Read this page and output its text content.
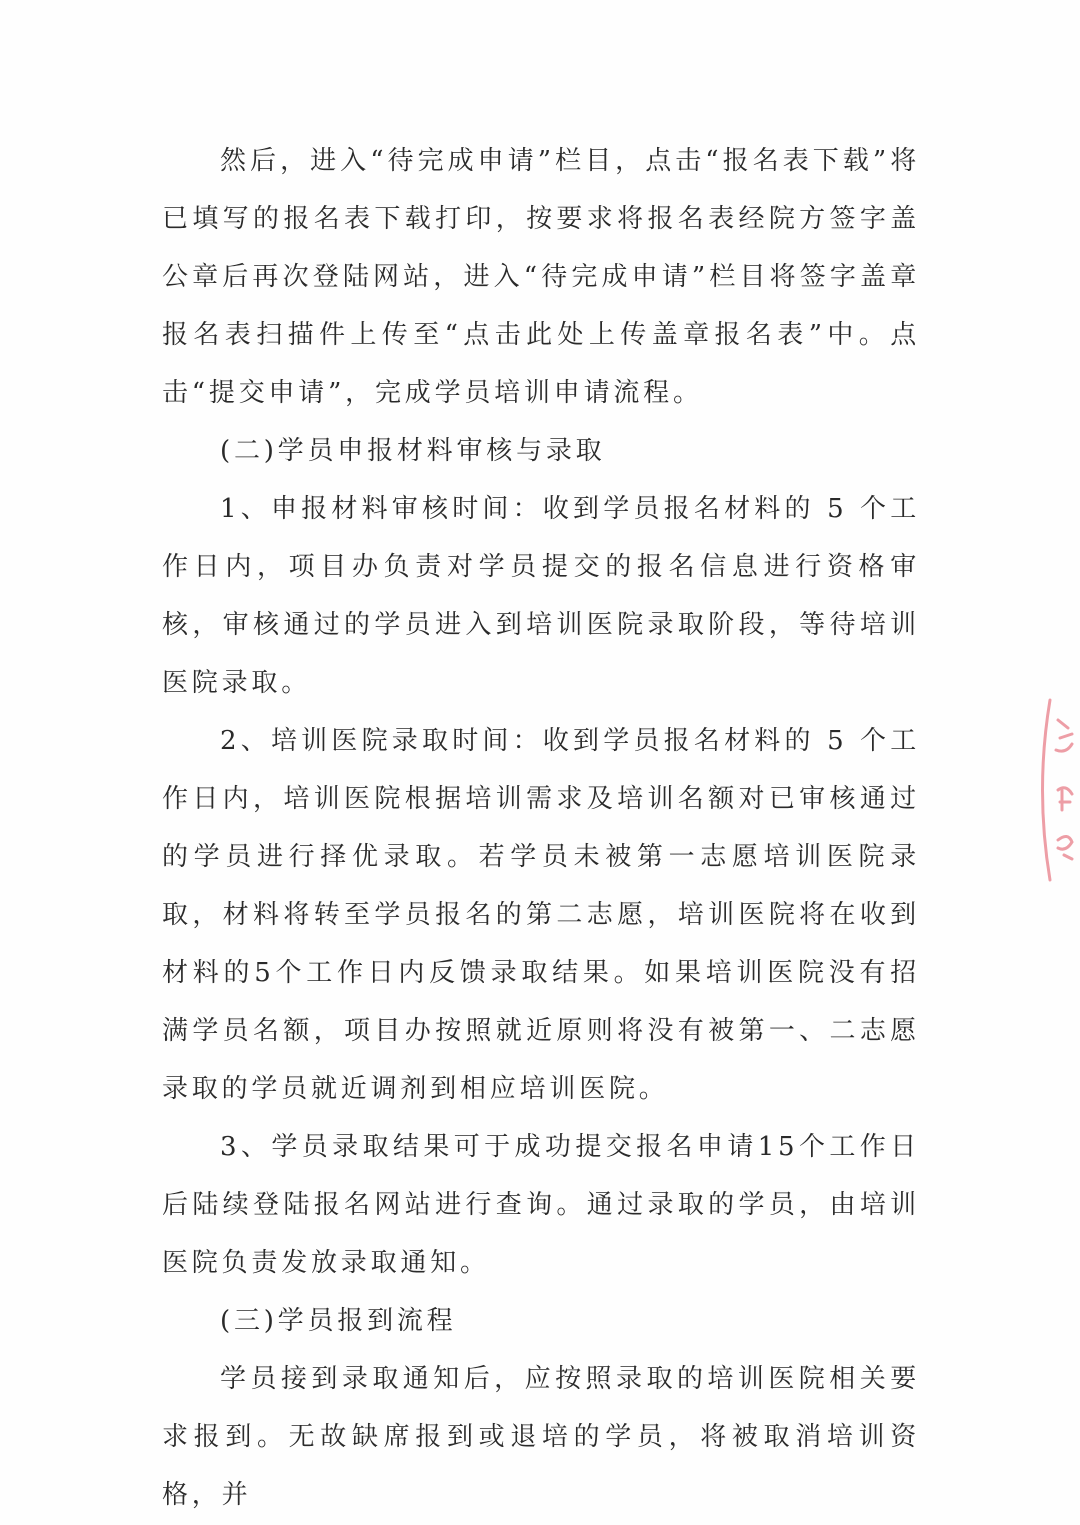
然后，进入“待完成申请”栏目，点击“报名表下载”将已填写的报名表下载打印，按要求将报名表经院方签字盖公章后再次登陆网站，进入“待完成申请”栏目将签字盖章报名表扫描件上传至“点击此处上传盖章报名表”中。点击“提交申请”，完成学员培训申请流程。

(二)学员申报材料审核与录取

1、申报材料审核时间：收到学员报名材料的 5 个工作日内，项目办负责对学员提交的报名信息进行资格审核，审核通过的学员进入到培训医院录取阶段，等待培训医院录取。

2、培训医院录取时间：收到学员报名材料的 5 个工作日内，培训医院根据培训需求及培训名额对已审核通过的学员进行择优录取。若学员未被第一志愿培训医院录取，材料将转至学员报名的第二志愿，培训医院将在收到材料的5个工作日内反馈录取结果。如果培训医院没有招满学员名额，项目办按照就近原则将没有被第一、二志愿录取的学员就近调剂到相应培训医院。

3、学员录取结果可于成功提交报名申请15个工作日后陆续登陆报名网站进行查询。通过录取的学员，由培训医院负责发放录取通知。

(三)学员报到流程

学员接到录取通知后，应按照录取的培训医院相关要求报到。无故缺席报到或退培的学员，将被取消培训资格，并
